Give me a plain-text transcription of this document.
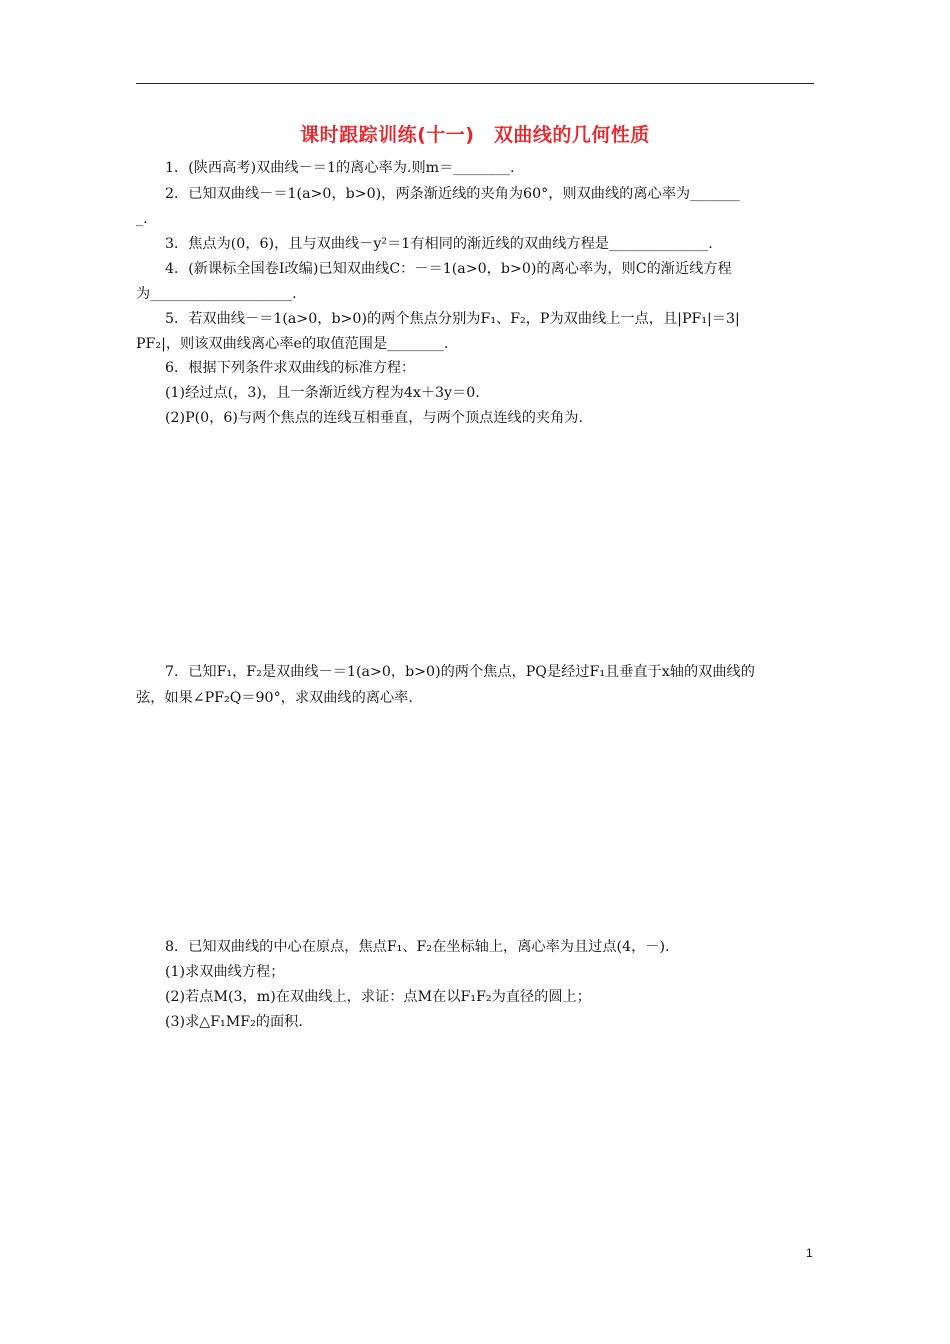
课时跟踪训练(十一)　双曲线的几何性质
1．(陕西高考)双曲线－＝1的离心率为.则m＝________.
2．已知双曲线－＝1(a>0，b>0)，两条渐近线的夹角为60°，则双曲线的离心率为_______
_.
3．焦点为(0，6)，且与双曲线－y²＝1有相同的渐近线的双曲线方程是______________.
4．(新课标全国卷Ⅰ改编)已知双曲线C：－＝1(a>0，b>0)的离心率为，则C的渐近线方程
为____________________.
5．若双曲线－＝1(a>0，b>0)的两个焦点分别为F₁、F₂，P为双曲线上一点，且|PF₁|＝3|
PF₂|，则该双曲线离心率e的取值范围是________.
6．根据下列条件求双曲线的标准方程：
(1)经过点(，3)，且一条渐近线方程为4x＋3y＝0.
(2)P(0，6)与两个焦点的连线互相垂直，与两个顶点连线的夹角为.
7．已知F₁，F₂是双曲线－＝1(a>0，b>0)的两个焦点，PQ是经过F₁且垂直于x轴的双曲线的
弦，如果∠PF₂Q＝90°，求双曲线的离心率.
8．已知双曲线的中心在原点，焦点F₁、F₂在坐标轴上，离心率为且过点(4，－).
(1)求双曲线方程；
(2)若点M(3，m)在双曲线上，求证：点M在以F₁F₂为直径的圆上；
(3)求△F₁MF₂的面积.
1
